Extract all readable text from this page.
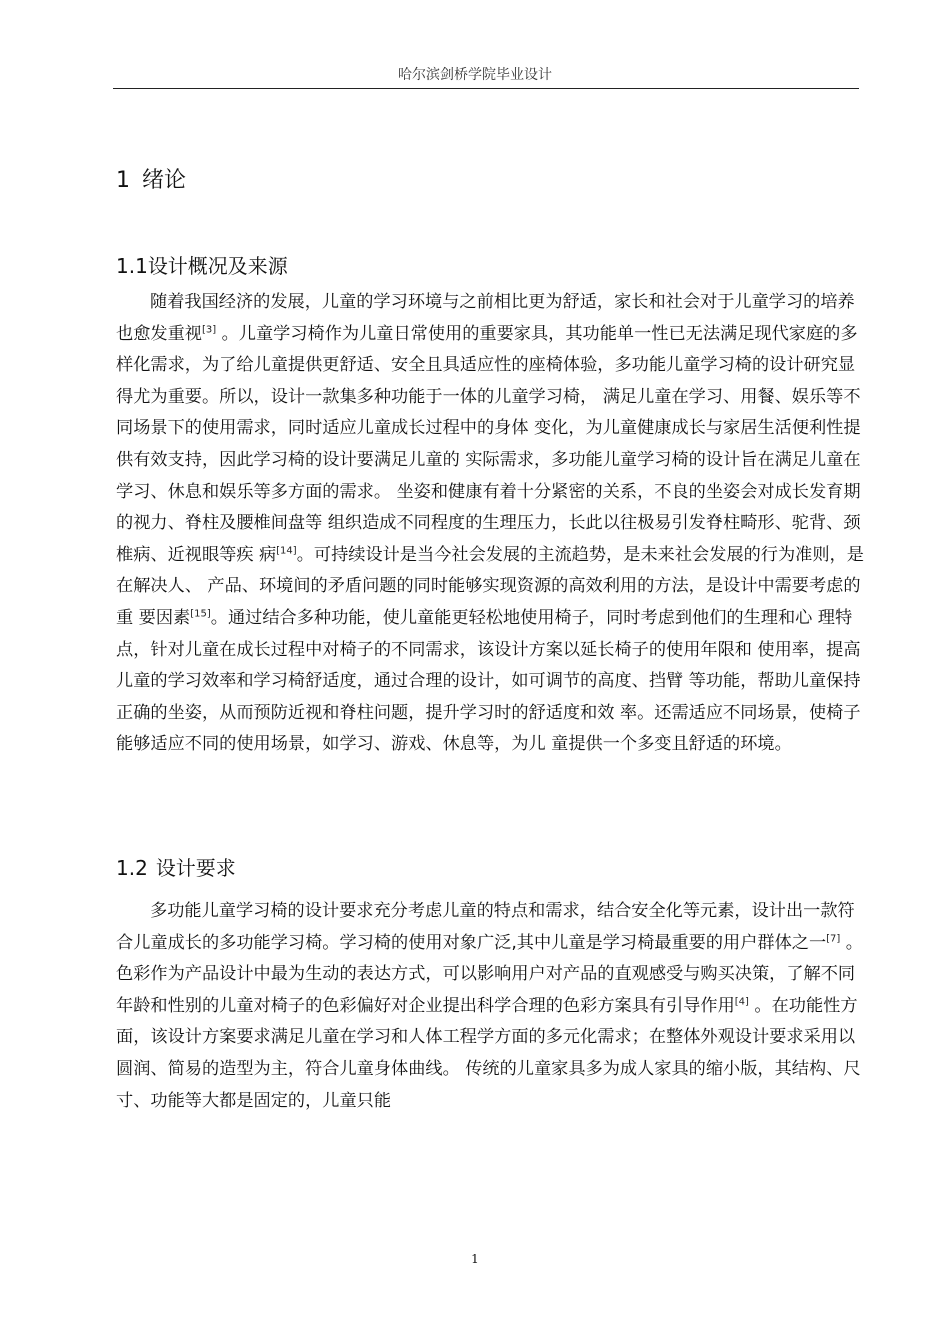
哈尔滨剑桥学院毕业设计
1 绪论
1.1设计概况及来源

随着我国经济的发展，儿童的学习环境与之前相比更为舒适，家长和社会对于儿童学习的培养也愈发重视[3] 。儿童学习椅作为儿童日常使用的重要家具，其功能单一性已无法满足现代家庭的多样化需求，为了给儿童提供更舒适、安全且具适应性的座椅体验，多功能儿童学习椅的设计研究显得尤为重要。所以，设计一款集多种功能于一体的儿童学习椅， 满足儿童在学习、用餐、娱乐等不同场景下的使用需求，同时适应儿童成长过程中的身体 变化，为儿童健康成长与家居生活便利性提供有效支持，因此学习椅的设计要满足儿童的 实际需求，多功能儿童学习椅的设计旨在满足儿童在学习、休息和娱乐等多方面的需求。 坐姿和健康有着十分紧密的关系，不良的坐姿会对成长发育期的视力、脊柱及腰椎间盘等 组织造成不同程度的生理压力，长此以往极易引发脊柱畸形、驼背、颈椎病、近视眼等疾 病[14]。可持续设计是当今社会发展的主流趋势，是未来社会发展的行为准则，是在解决人、 产品、环境间的矛盾问题的同时能够实现资源的高效利用的方法，是设计中需要考虑的重 要因素[15]。通过结合多种功能，使儿童能更轻松地使用椅子，同时考虑到他们的生理和心 理特点，针对儿童在成长过程中对椅子的不同需求，该设计方案以延长椅子的使用年限和 使用率，提高儿童的学习效率和学习椅舒适度，通过合理的设计，如可调节的高度、挡臂 等功能，帮助儿童保持正确的坐姿，从而预防近视和脊柱问题，提升学习时的舒适度和效 率。还需适应不同场景，使椅子能够适应不同的使用场景，如学习、游戏、休息等，为儿 童提供一个多变且舒适的环境。

1.2 设计要求

多功能儿童学习椅的设计要求充分考虑儿童的特点和需求，结合安全化等元素，设计出一款符合儿童成长的多功能学习椅。学习椅的使用对象广泛,其中儿童是学习椅最重要的用户群体之一[7] 。色彩作为产品设计中最为生动的表达方式，可以影响用户对产品的直观感受与购买决策，了解不同年龄和性别的儿童对椅子的色彩偏好对企业提出科学合理的色彩方案具有引导作用[4] 。在功能性方面，该设计方案要求满足儿童在学习和人体工程学方面的多元化需求；在整体外观设计要求采用以圆润、简易的造型为主，符合儿童身体曲线。 传统的儿童家具多为成人家具的缩小版，其结构、尺寸、功能等大都是固定的，儿童只能

1
